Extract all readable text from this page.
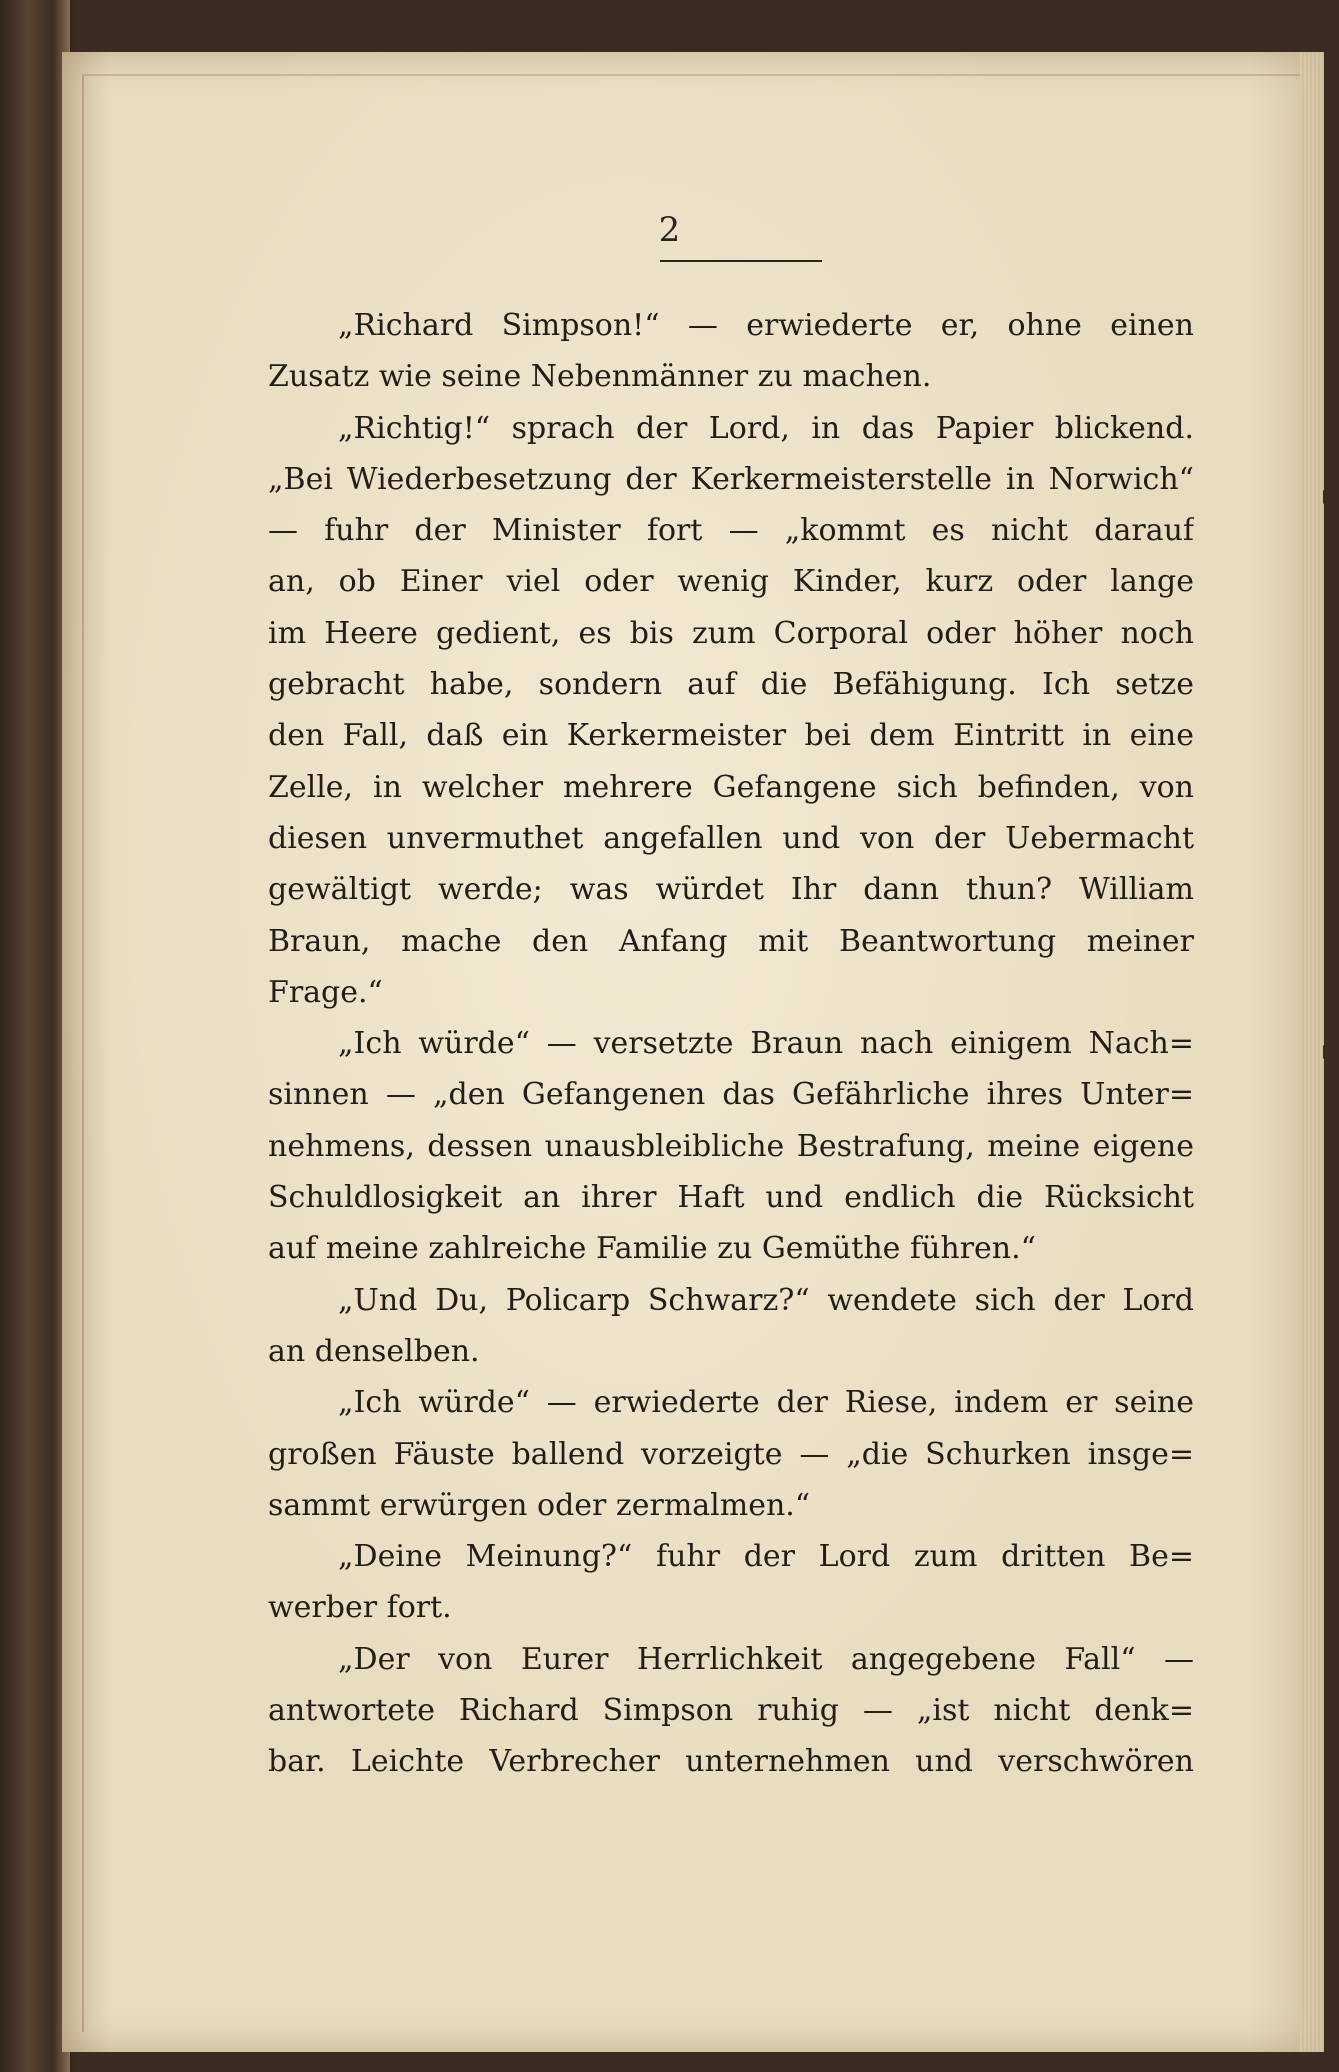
2
„Richard Simpson!“ — erwiederte er, ohne einen
Zusatz wie seine Nebenmänner zu machen.
„Richtig!“ sprach der Lord, in das Papier blickend.
„Bei Wiederbesetzung der Kerkermeisterstelle in Norwich“
— fuhr der Minister fort — „kommt es nicht darauf
an, ob Einer viel oder wenig Kinder, kurz oder lange
im Heere gedient, es bis zum Corporal oder höher noch
gebracht habe, sondern auf die Befähigung. Ich setze
den Fall, daß ein Kerkermeister bei dem Eintritt in eine
Zelle, in welcher mehrere Gefangene sich befinden, von
diesen unvermuthet angefallen und von der Uebermacht
gewältigt werde; was würdet Ihr dann thun? William
Braun, mache den Anfang mit Beantwortung meiner
Frage.“
„Ich würde“ — versetzte Braun nach einigem Nach=
sinnen — „den Gefangenen das Gefährliche ihres Unter=
nehmens, dessen unausbleibliche Bestrafung, meine eigene
Schuldlosigkeit an ihrer Haft und endlich die Rücksicht
auf meine zahlreiche Familie zu Gemüthe führen.“
„Und Du, Policarp Schwarz?“ wendete sich der Lord
an denselben.
„Ich würde“ — erwiederte der Riese, indem er seine
großen Fäuste ballend vorzeigte — „die Schurken insge=
sammt erwürgen oder zermalmen.“
„Deine Meinung?“ fuhr der Lord zum dritten Be=
werber fort.
„Der von Eurer Herrlichkeit angegebene Fall“ —
antwortete Richard Simpson ruhig — „ist nicht denk=
bar. Leichte Verbrecher unternehmen und verschwören
